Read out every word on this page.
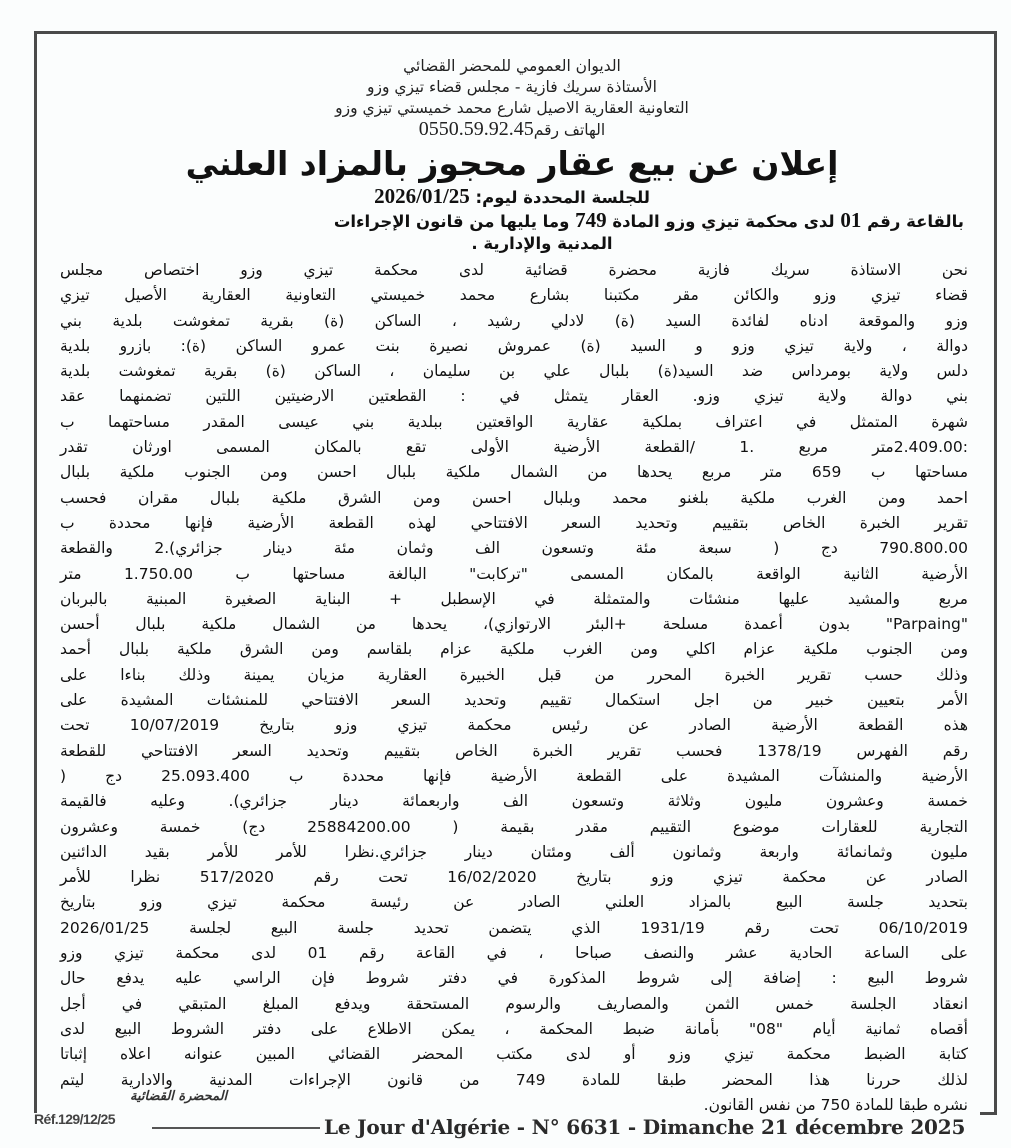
الديوان العمومي للمحضر القضائي
الأستاذة سريك فازية - مجلس قضاء تيزي وزو
التعاونية العقارية الاصيل شارع محمد خميستي تيزي وزو
الهاتف رقم0550.59.92.45
إعلان عن بيع عقار محجوز بالمزاد العلني
للجلسة المحددة ليوم: 2026/01/25
بالقاعة رقم 01 لدى محكمة تيزي وزو المادة 749 وما يليها من قانون الإجراءات
المدنية والإدارية .
نحن الاستاذة سريك فازية محضرة قضائية لدى محكمة تيزي وزو اختصاص مجلس
قضاء تيزي وزو والكائن مقر مكتبنا بشارع محمد خميستي التعاونية العقارية الأصيل تيزي
وزو والموقعة ادناه لفائدة السيد (ة) لادلي رشيد ، الساكن (ة) بقرية تمغوشت بلدية بني
دوالة ، ولاية تيزي وزو و السيد (ة) عمروش نصيرة بنت عمرو الساكن (ة): بازرو بلدية
دلس ولاية بومرداس ضد السيد(ة) بلبال علي بن سليمان ، الساكن (ة) بقرية تمغوشت بلدية
بني دوالة ولاية تيزي وزو. العقار يتمثل في : القطعتين الارضيتين اللتين تضمنهما عقد
شهرة المتمثل في اعتراف بملكية عقارية الواقعتين ببلدية بني عيسى المقدر مساحتهما ب
:2.409.00متر مربع .1 /القطعة الأرضية الأولى تقع بالمكان المسمى اورثان تقدر
مساحتها ب 659 متر مربع يحدها من الشمال ملكية بلبال احسن ومن الجنوب ملكية بلبال
احمد ومن الغرب ملكية بلغنو محمد وبلبال احسن ومن الشرق ملكية بلبال مقران فحسب
تقرير الخبرة الخاص بتقييم وتحديد السعر الافتتاحي لهذه القطعة الأرضية فإنها محددة ب
790.800.00 دج ( سبعة مئة وتسعون الف وثمان مئة دينار جزائري).2 والقطعة
الأرضية الثانية الواقعة بالمكان المسمى "تركابت" البالغة مساحتها ب 1.750.00 متر
مربع والمشيد عليها منشئات والمتمثلة في الإسطبل + البناية الصغيرة المبنية بالبربان
"Parpaing" بدون أعمدة مسلحة +البئر الارتوازي)، يحدها من الشمال ملكية بلبال أحسن
ومن الجنوب ملكية عزام اكلي ومن الغرب ملكية عزام بلقاسم ومن الشرق ملكية بلبال أحمد
وذلك حسب تقرير الخبرة المحرر من قبل الخبيرة العقارية مزيان يمينة وذلك بناءا على
الأمر بتعيين خبير من اجل استكمال تقييم وتحديد السعر الافتتاحي للمنشئات المشيدة على
هذه القطعة الأرضية الصادر عن رئيس محكمة تيزي وزو بتاريخ 10/07/2019 تحت
رقم الفهرس 1378/19 فحسب تقرير الخبرة الخاص بتقييم وتحديد السعر الافتتاحي للقطعة
الأرضية والمنشآت المشيدة على القطعة الأرضية فإنها محددة ب 25.093.400 دج (
خمسة وعشرون مليون وثلاثة وتسعون الف واربعمائة دينار جزائري). وعليه فالقيمة
التجارية للعقارات موضوع التقييم مقدر بقيمة ( 25884200.00 دج) خمسة وعشرون
مليون وثمانمائة واربعة وثمانون ألف ومئتان دينار جزائري.نظرا للأمر للأمر بقيد الدائنين
الصادر عن محكمة تيزي وزو بتاريخ 16/02/2020 تحت رقم 517/2020 نظرا للأمر
بتحديد جلسة البيع بالمزاد العلني الصادر عن رئيسة محكمة تيزي وزو بتاريخ
06/10/2019 تحت رقم 1931/19 الذي يتضمن تحديد جلسة البيع لجلسة 2026/01/25
على الساعة الحادية عشر والنصف صباحا ، في القاعة رقم 01 لدى محكمة تيزي وزو
شروط البيع : إضافة إلى شروط المذكورة في دفتر شروط فإن الراسي عليه يدفع حال
انعقاد الجلسة خمس الثمن والمصاريف والرسوم المستحقة ويدفع المبلغ المتبقي في أجل
أقصاه ثمانية أيام "08" بأمانة ضبط المحكمة ، يمكن الاطلاع على دفتر الشروط البيع لدى
كتابة الضبط محكمة تيزي وزو أو لدى مكتب المحضر القضائي المبين عنوانه اعلاه إثباتا
لذلك حررنا هذا المحضر طبقا للمادة 749 من قانون الإجراءات المدنية والادارية ليتم
نشره طبقا للمادة 750 من نفس القانون.
المحضرة القضائية
Réf.129/12/25	Le Jour d'Algérie - N° 6631 - Dimanche 21 décembre 2025
